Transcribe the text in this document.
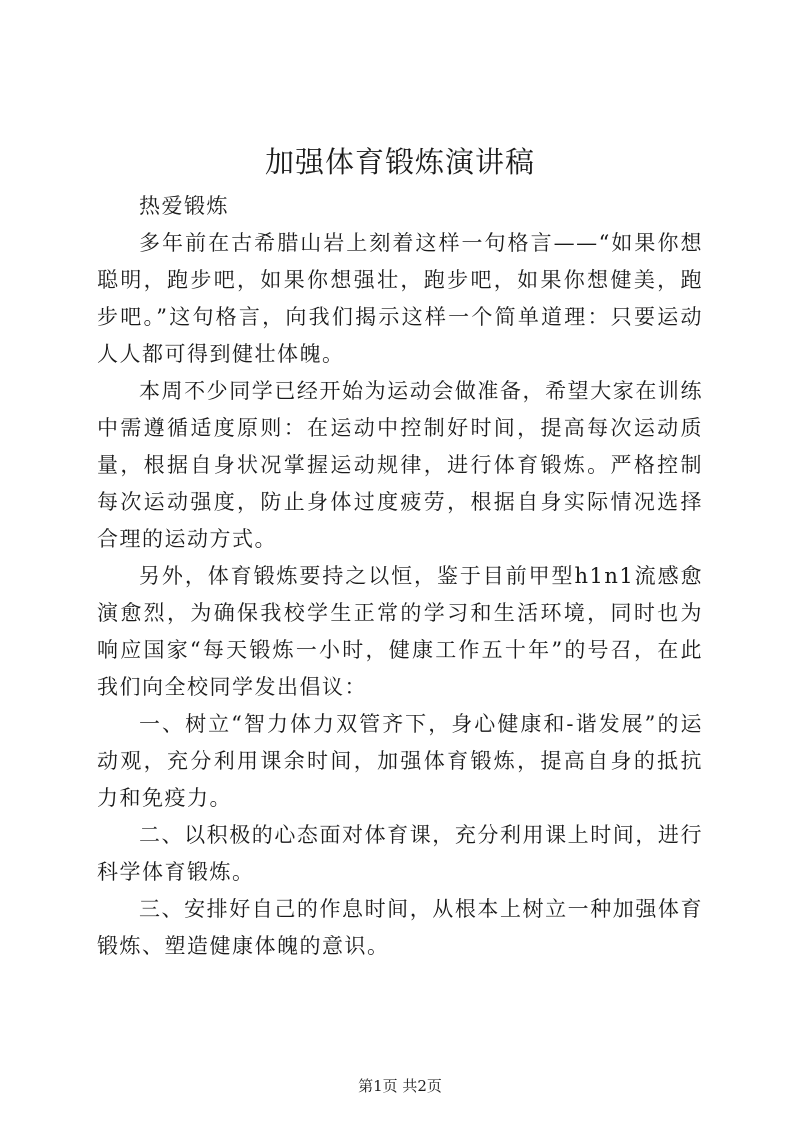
加强体育锻炼演讲稿

热爱锻炼

多年前在古希腊山岩上刻着这样一句格言——“如果你想聪明，跑步吧，如果你想强壮，跑步吧，如果你想健美，跑步吧。”这句格言，向我们揭示这样一个简单道理：只要运动人人都可得到健壮体魄。

本周不少同学已经开始为运动会做准备，希望大家在训练中需遵循适度原则：在运动中控制好时间，提高每次运动质量，根据自身状况掌握运动规律，进行体育锻炼。严格控制每次运动强度，防止身体过度疲劳，根据自身实际情况选择合理的运动方式。

另外，体育锻炼要持之以恒，鉴于目前甲型h1n1流感愈演愈烈，为确保我校学生正常的学习和生活环境，同时也为响应国家“每天锻炼一小时，健康工作五十年”的号召，在此我们向全校同学发出倡议：

一、树立“智力体力双管齐下，身心健康和-谐发展”的运动观，充分利用课余时间，加强体育锻炼，提高自身的抵抗力和免疫力。

二、以积极的心态面对体育课，充分利用课上时间，进行科学体育锻炼。

三、安排好自己的作息时间，从根本上树立一种加强体育锻炼、塑造健康体魄的意识。

第1页 共2页
